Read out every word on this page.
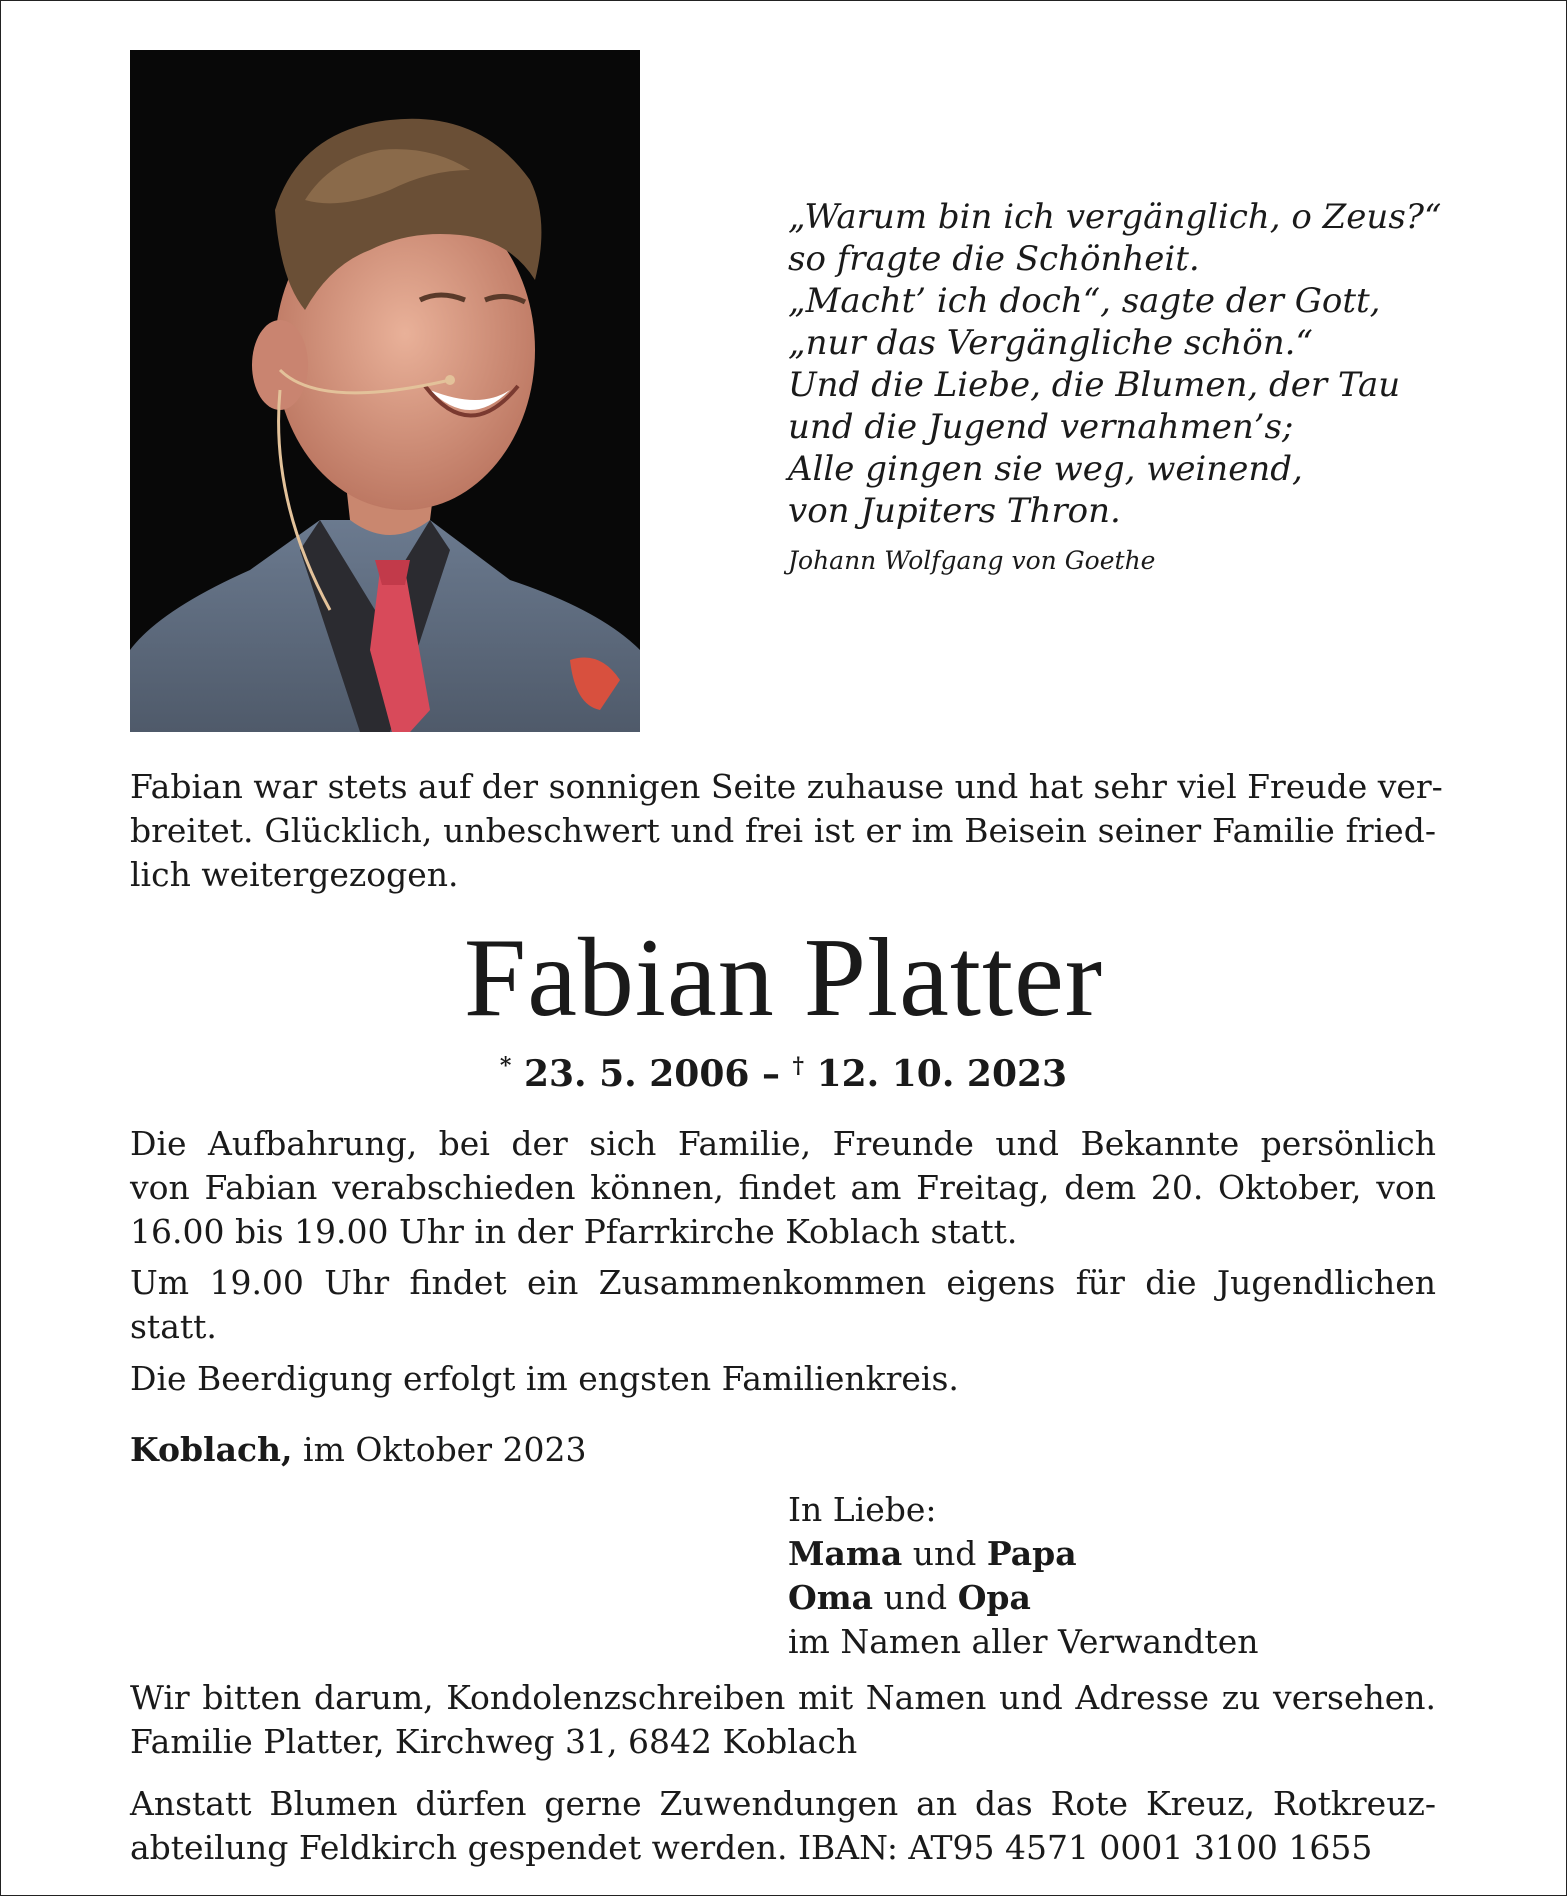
„Warum bin ich vergänglich, o Zeus?“
so fragte die Schönheit.
„Macht’ ich doch“, sagte der Gott,
„nur das Vergängliche schön.“
Und die Liebe, die Blumen, der Tau
und die Jugend vernahmen’s;
Alle gingen sie weg, weinend,
von Jupiters Thron.
Johann Wolfgang von Goethe
Fabian war stets auf der sonnigen Seite zuhause und hat sehr viel Freude ver-
breitet. Glücklich, unbeschwert und frei ist er im Beisein seiner Familie fried-
lich weitergezogen.
Fabian Platter
* 23. 5. 2006 – † 12. 10. 2023
Die Aufbahrung, bei der sich Familie, Freunde und Bekannte persönlich
von Fabian verabschieden können, findet am Freitag, dem 20. Oktober, von
16.00 bis 19.00 Uhr in der Pfarrkirche Koblach statt.
Um 19.00 Uhr findet ein Zusammenkommen eigens für die Jugendlichen
statt.
Die Beerdigung erfolgt im engsten Familienkreis.
Koblach, im Oktober 2023
In Liebe:
Mama und Papa
Oma und Opa
im Namen aller Verwandten
Wir bitten darum, Kondolenzschreiben mit Namen und Adresse zu versehen.
Familie Platter, Kirchweg 31, 6842 Koblach
Anstatt Blumen dürfen gerne Zuwendungen an das Rote Kreuz, Rotkreuz-
abteilung Feldkirch gespendet werden. IBAN: AT95 4571 0001 3100 1655
